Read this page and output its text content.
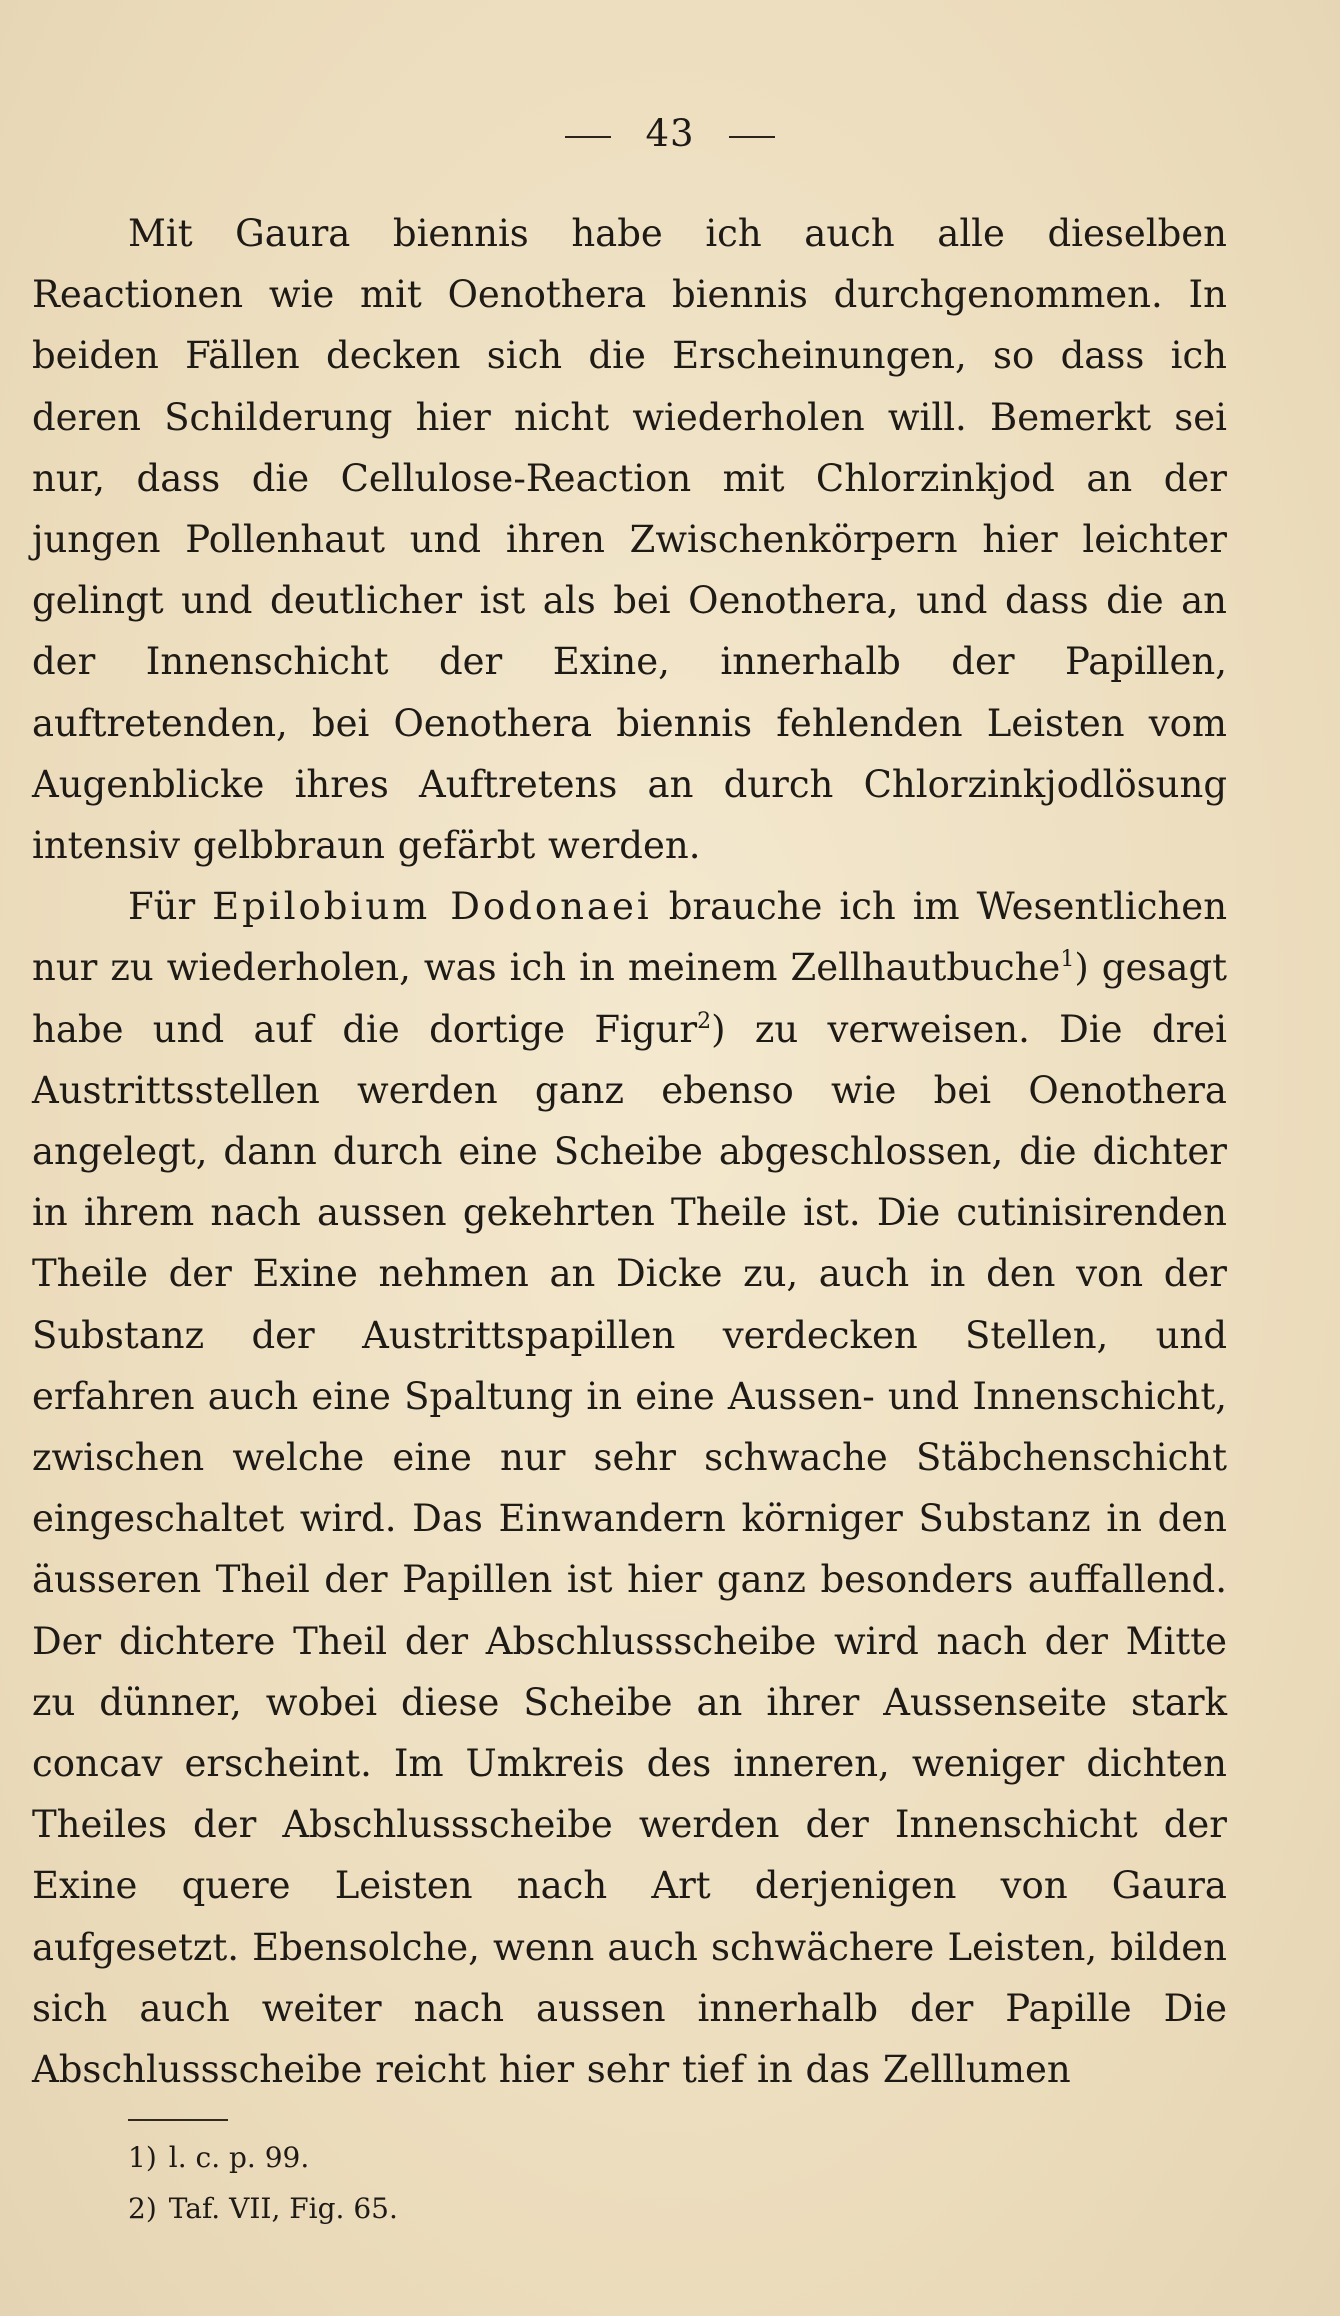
43

Mit Gaura biennis habe ich auch alle dieselben Reactionen wie mit Oenothera biennis durchgenommen. In beiden Fällen decken sich die Erscheinungen, so dass ich deren Schilderung hier nicht wiederholen will. Bemerkt sei nur, dass die Cellulose-Reaction mit Chlorzinkjod an der jungen Pollenhaut und ihren Zwischenkörpern hier leichter gelingt und deutlicher ist als bei Oenothera, und dass die an der Innenschicht der Exine, innerhalb der Papillen, auftretenden, bei Oenothera biennis fehlenden Leisten vom Augenblicke ihres Auftretens an durch Chlorzinkjodlösung intensiv gelbbraun gefärbt werden.

Für Epilobium Dodonaei brauche ich im Wesentlichen nur zu wiederholen, was ich in meinem Zellhautbuche$^1$) gesagt habe und auf die dortige Figur$^2$) zu verweisen. Die drei Austrittsstellen werden ganz ebenso wie bei Oenothera angelegt, dann durch eine Scheibe abgeschlossen, die dichter in ihrem nach aussen gekehrten Theile ist. Die cutinisirenden Theile der Exine nehmen an Dicke zu, auch in den von der Substanz der Austrittspapillen verdecken Stellen, und erfahren auch eine Spaltung in eine Aussen- und Innenschicht, zwischen welche eine nur sehr schwache Stäbchenschicht eingeschaltet wird. Das Einwandern körniger Substanz in den äusseren Theil der Papillen ist hier ganz besonders auffallend. Der dichtere Theil der Abschlussscheibe wird nach der Mitte zu dünner, wobei diese Scheibe an ihrer Aussenseite stark concav erscheint. Im Umkreis des inneren, weniger dichten Theiles der Abschlussscheibe werden der Innenschicht der Exine quere Leisten nach Art derjenigen von Gaura aufgesetzt. Ebensolche, wenn auch schwächere Leisten, bilden sich auch weiter nach aussen innerhalb der Papille Die Abschlussscheibe reicht hier sehr tief in das Zelllumen

1) l. c. p. 99.
2) Taf. VII, Fig. 65.
